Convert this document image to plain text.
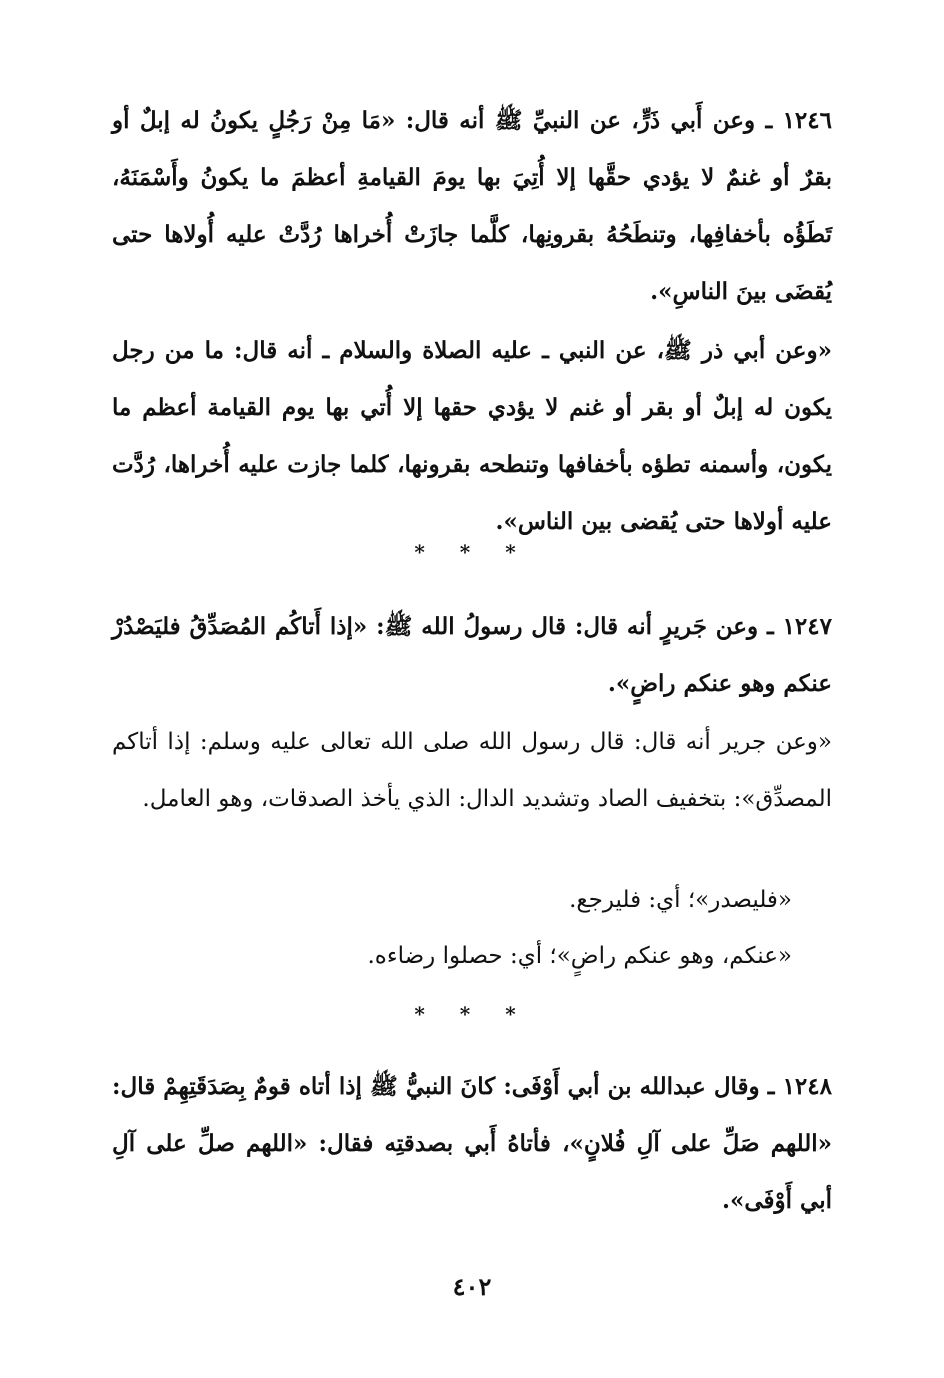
١٢٤٦ ـ وعن أَبي ذَرٍّ، عن النبيِّ ﷺ أنه قال: «مَا مِنْ رَجُلٍ يكونُ له إبلٌ أو بقرٌ أو غنمٌ لا يؤدي حقَّها إلا أُتِيَ بها يومَ القيامةِ أعظمَ ما يكونُ وأَسْمَنَهُ، تَطَؤُه بأخفافِها، وتنطَحُهُ بقرونِها، كلَّما جازَتْ أُخراها رُدَّتْ عليه أُولاها حتى يُقضَى بينَ الناسِ».

«وعن أبي ذر ﷺ، عن النبي ـ عليه الصلاة والسلام ـ أنه قال: ما من رجل يكون له إبلٌ أو بقر أو غنم لا يؤدي حقها إلا أُتي بها يوم القيامة أعظم ما يكون، وأسمنه تطؤه بأخفافها وتنطحه بقرونها، كلما جازت عليه أُخراها، رُدَّت عليه أولاها حتى يُقضى بين الناس».

* * *

١٢٤٧ ـ وعن جَريرٍ أنه قال: قال رسولُ الله ﷺ: «إذا أَتاكُم المُصَدِّقُ فليَصْدُرْ عنكم وهو عنكم راضٍ».

«وعن جرير أنه قال: قال رسول الله صلى الله تعالى عليه وسلم: إذا أتاكم المصدِّق»: بتخفيف الصاد وتشديد الدال: الذي يأخذ الصدقات، وهو العامل.

«فليصدر»؛ أي: فليرجع.

«عنكم، وهو عنكم راضٍ»؛ أي: حصلوا رضاءه.

* * *

١٢٤٨ ـ وقال عبدالله بن أبي أَوْفَى: كانَ النبيُّ ﷺ إذا أتاه قومٌ بِصَدَقَتِهِمْ قال: «اللهم صَلِّ على آلِ فُلانٍ»، فأتاهُ أَبي بصدقتِه فقال: «اللهم صلِّ على آلِ أبي أَوْفَى».

٤٠٢
